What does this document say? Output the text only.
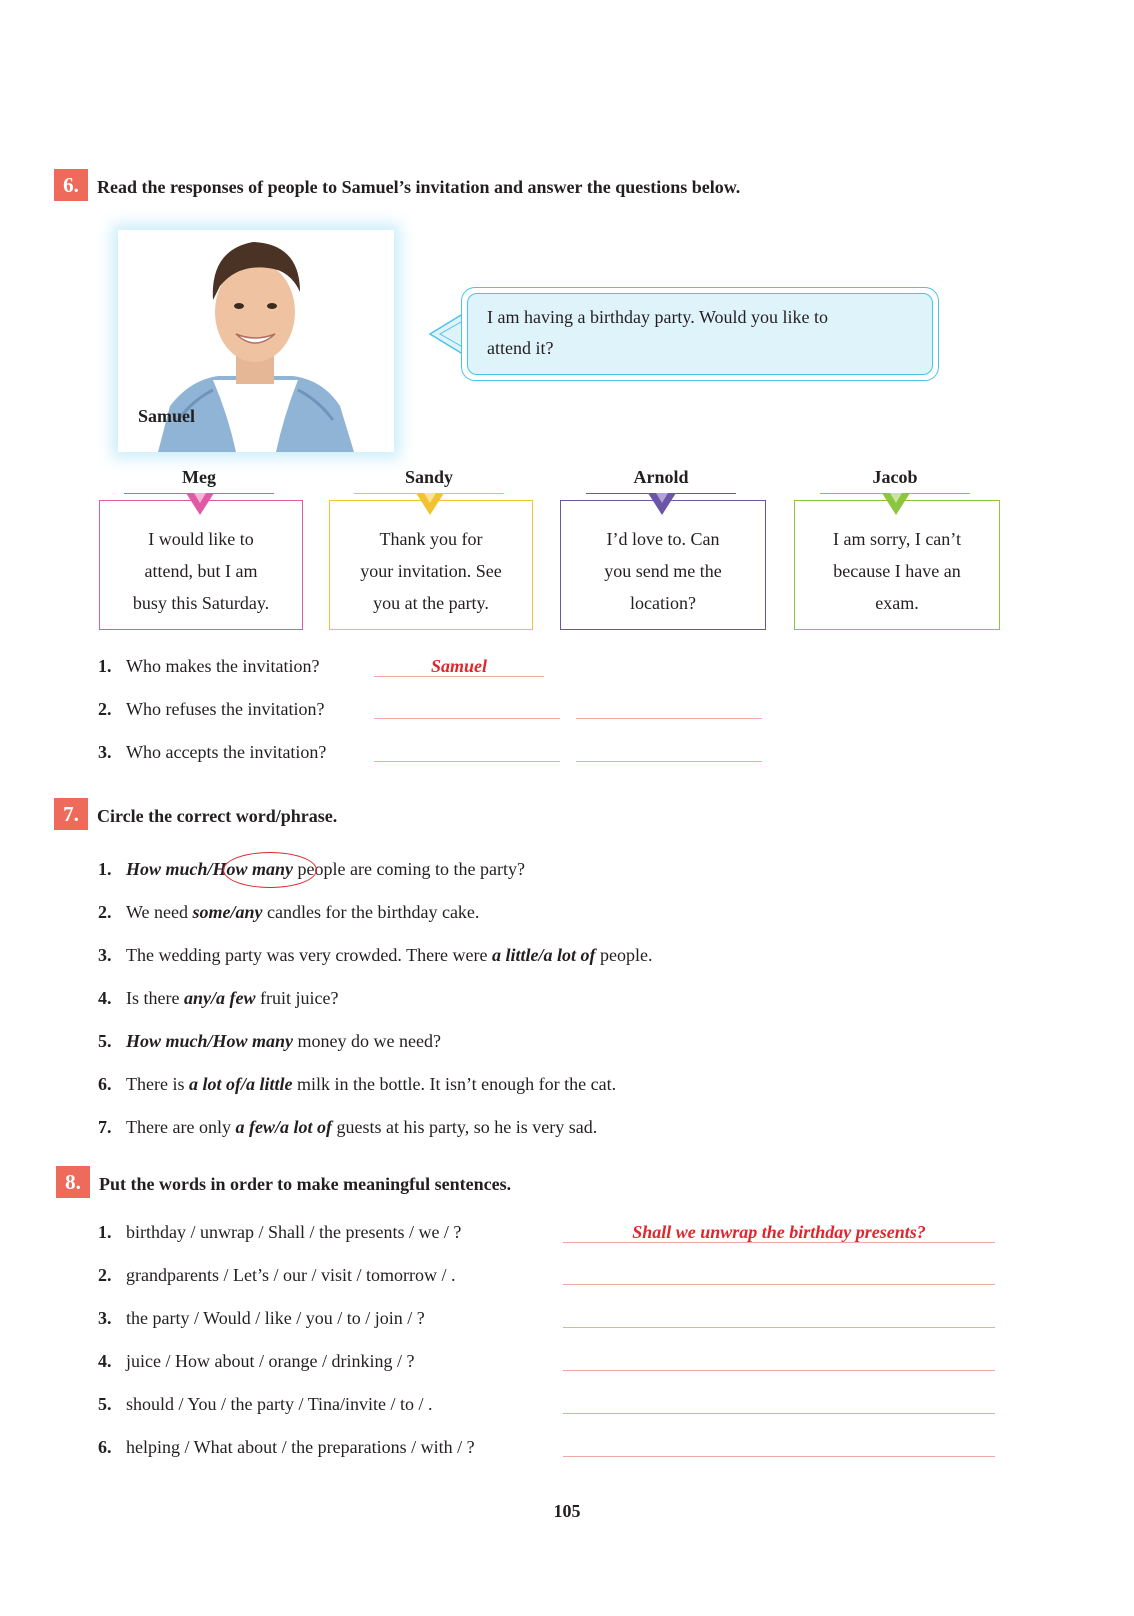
6.	Read the responses of people to Samuel’s invitation and answer the questions below.
Samuel
I am having a birthday party. Would you like to
attend it?
Meg
I would like to
attend, but I am
busy this Saturday.
Sandy
Thank you for
your invitation. See
you at the party.
Arnold
I’d love to. Can
you send me the
location?
Jacob
I am sorry, I can’t
because I have an
exam.
1. Who makes the invitation?	Samuel
2. Who refuses the invitation?
3. Who accepts the invitation?
7.	Circle the correct word/phrase.
1. How much/How many people are coming to the party?
2. We need some/any candles for the birthday cake.
3. The wedding party was very crowded. There were a little/a lot of people.
4. Is there any/a few fruit juice?
5. How much/How many money do we need?
6. There is a lot of/a little milk in the bottle. It isn’t enough for the cat.
7. There are only a few/a lot of guests at his party, so he is very sad.
8.	Put the words in order to make meaningful sentences.
1. birthday / unwrap / Shall / the presents / we / ?	Shall we unwrap the birthday presents?
2. grandparents / Let’s / our / visit / tomorrow / .
3. the party / Would / like / you / to / join / ?
4. juice / How about / orange / drinking / ?
5. should / You / the party / Tina/invite / to / .
6. helping / What about / the preparations / with / ?
105
